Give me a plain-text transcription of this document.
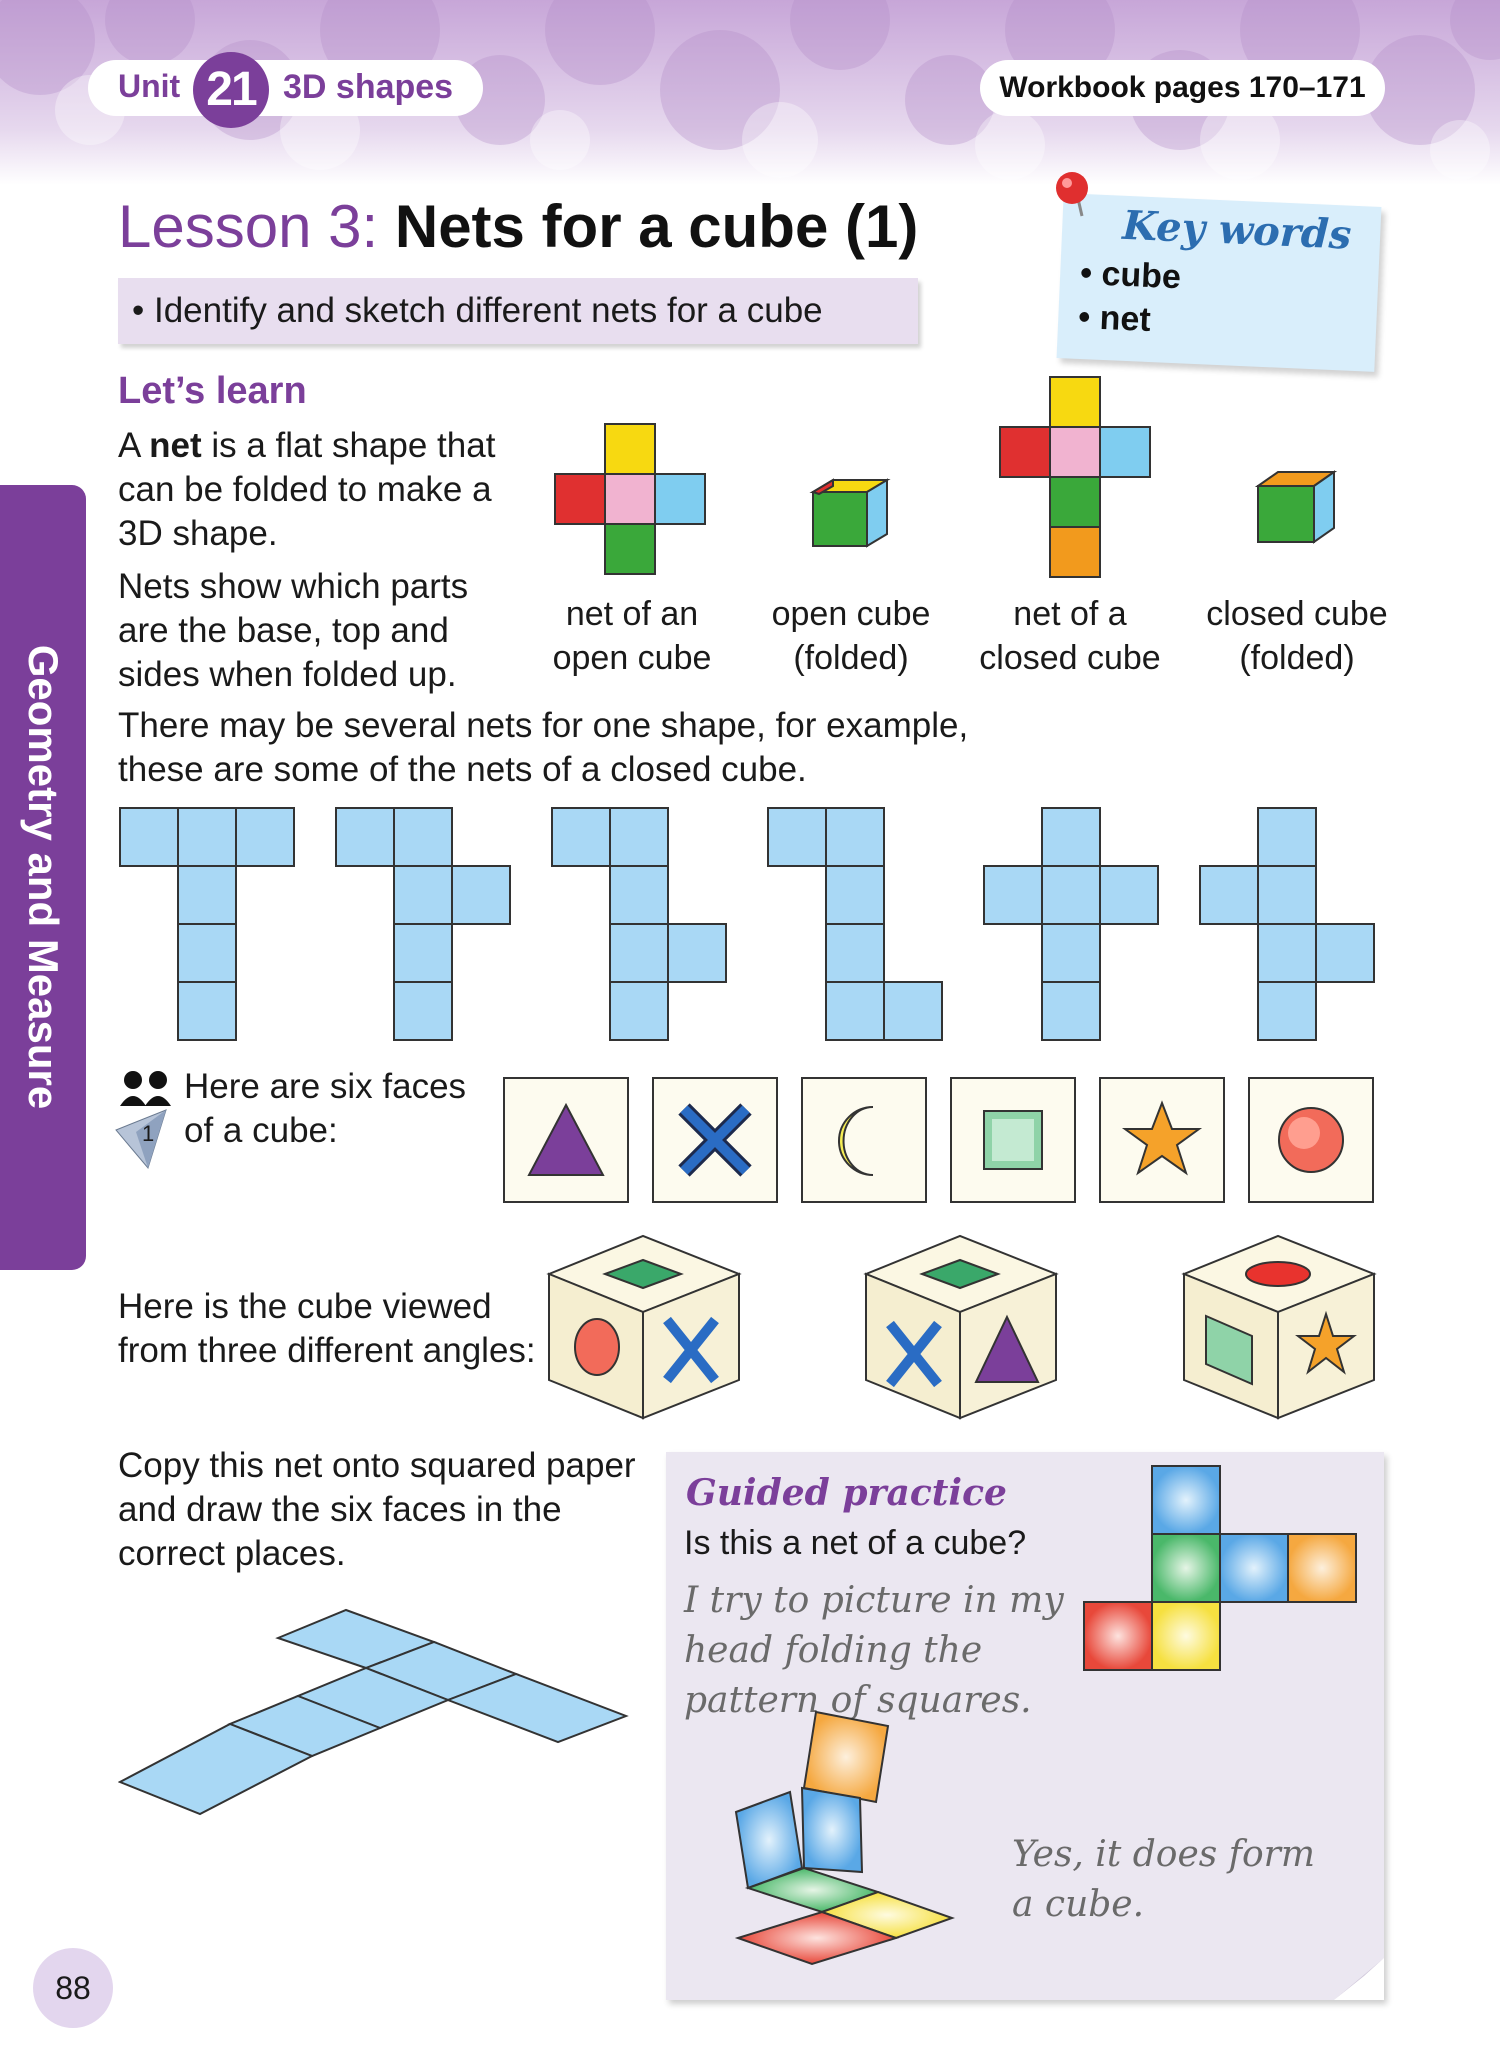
Unit 21 3D shapes	Workbook pages 170–171
Lesson 3: Nets for a cube (1)
• Identify and sketch different nets for a cube
Key words
• cube
• net
Let’s learn
A net is a flat shape that
can be folded to make a
3D shape.
Nets show which parts
are the base, top and
sides when folded up.
net of an
open cube
open cube
(folded)
net of a
closed cube
closed cube
(folded)
There may be several nets for one shape, for example,
these are some of the nets of a closed cube.
Geometry and Measure
1
Here are six faces
of a cube:
Here is the cube viewed
from three different angles:
Copy this net onto squared paper
and draw the six faces in the
correct places.
Guided practice
Is this a net of a cube?
I try to picture in my
head folding the
pattern of squares.
Yes, it does form
a cube.
88
